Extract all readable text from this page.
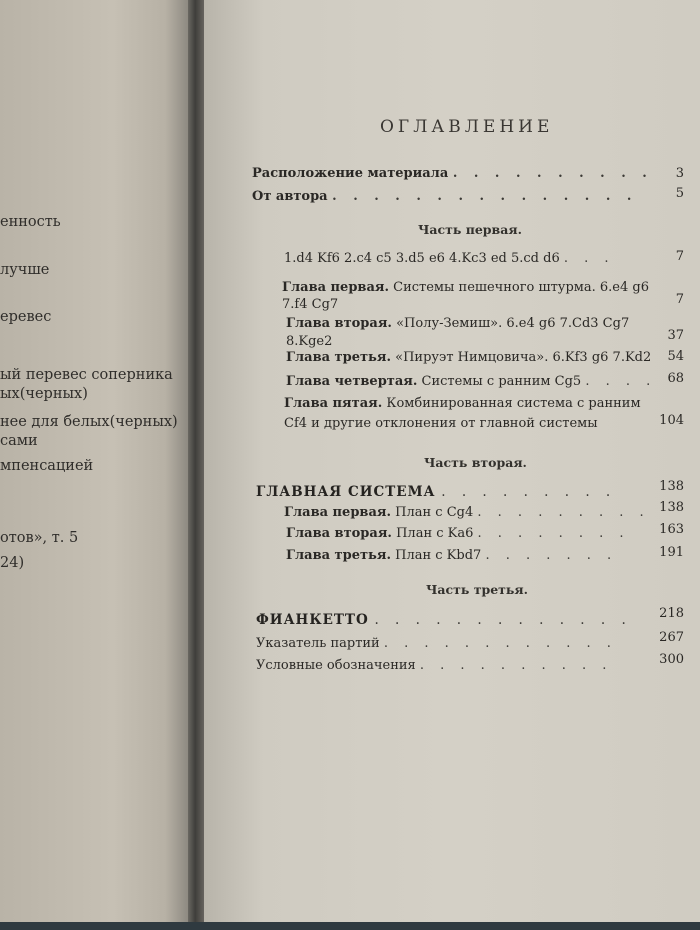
енность
лучше
еревес
ый перевес соперника
ых(черных)
нее для белых(черных)
сами
мпенсацией
отов», т. 5
24)
ОГЛАВЛЕНИЕ
Расположение материала . . . . . . . . . .	3
От автора . . . . . . . . . . . . . . .	5
Часть первая.
1.d4 Kf6 2.c4 c5 3.d5 e6 4.Kc3 ed 5.cd d6 . . .	7
Глава первая. Системы пешечного штурма. 6.e4 g6
7.f4 Cg7	7
Глава вторая. «Полу-Земиш». 6.e4 g6 7.Cd3 Cg7
8.Kge2	37
Глава третья. «Пируэт Нимцовича». 6.Kf3 g6 7.Kd2	54
Глава четвертая. Системы с ранним Cg5 . . . . 68
Глава пятая. Комбинированная система с ранним
Cf4 и другие отклонения от главной системы	104
Часть вторая.
ГЛАВНАЯ СИСТЕМА . . . . . . . . .	138
Глава первая. План с Cg4 . . . . . . . . . 138
Глава вторая. План с Ka6 . . . . . . . .	163
Глава третья. План с Kbd7 . . . . . . .	191
Часть третья.
ФИАНКЕТТО . . . . . . . . . . . . .	218
Указатель партий . . . . . . . . . . . .	267
Условные обозначения . . . . . . . . . .	300
